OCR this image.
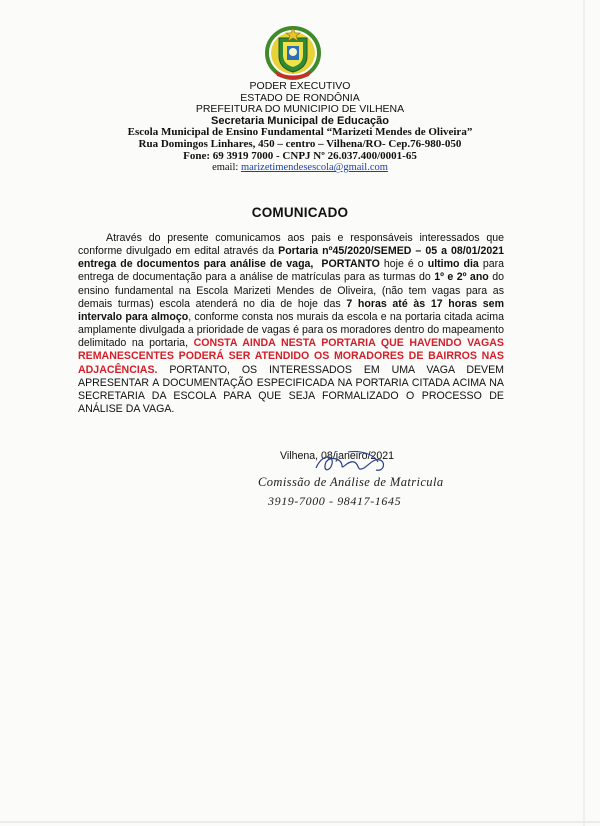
PODER EXECUTIVO
ESTADO DE RONDÔNIA
PREFEITURA DO MUNICIPIO DE VILHENA
Secretaria Municipal de Educação
Escola Municipal de Ensino Fundamental “Marizeti Mendes de Oliveira”
Rua Domingos Linhares, 450 – centro – Vilhena/RO- Cep.76-980-050
Fone: 69 3919 7000 - CNPJ Nº 26.037.400/0001-65
email: marizetimendesescola@gmail.com
COMUNICADO
Através do presente comunicamos aos pais e responsáveis interessados que conforme divulgado em edital através da Portaria nº45/2020/SEMED – 05 a 08/01/2021 entrega de documentos para análise de vaga, PORTANTO hoje é o ultimo dia para entrega de documentação para a análise de matrículas para as turmas do 1º e 2º ano do ensino fundamental na Escola Marizeti Mendes de Oliveira, (não tem vagas para as demais turmas) escola atenderá no dia de hoje das 7 horas até às 17 horas sem intervalo para almoço, conforme consta nos murais da escola e na portaria citada acima amplamente divulgada a prioridade de vagas é para os moradores dentro do mapeamento delimitado na portaria, CONSTA AINDA NESTA PORTARIA QUE HAVENDO VAGAS REMANESCENTES PODERÁ SER ATENDIDO OS MORADORES DE BAIRROS NAS ADJACÊNCIAS. PORTANTO, OS INTERESSADOS EM UMA VAGA DEVEM APRESENTAR A DOCUMENTAÇÃO ESPECIFICADA NA PORTARIA CITADA ACIMA NA SECRETARIA DA ESCOLA PARA QUE SEJA FORMALIZADO O PROCESSO DE ANÁLISE DA VAGA.
Vilhena, 08/janeiro/2021
Comissão de Análise de Matricula
3919-7000 - 98417-1645
